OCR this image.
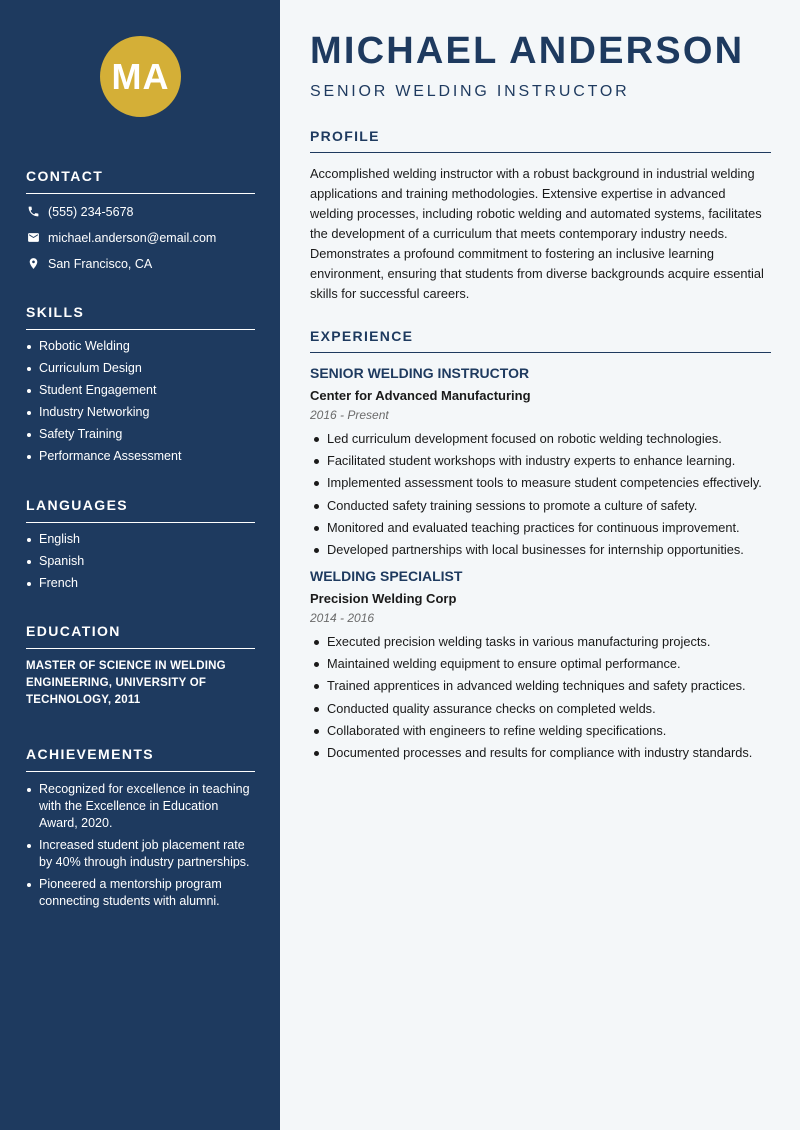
MA
CONTACT
(555) 234-5678
michael.anderson@email.com
San Francisco, CA
SKILLS
Robotic Welding
Curriculum Design
Student Engagement
Industry Networking
Safety Training
Performance Assessment
LANGUAGES
English
Spanish
French
EDUCATION
MASTER OF SCIENCE IN WELDING ENGINEERING, UNIVERSITY OF TECHNOLOGY, 2011
ACHIEVEMENTS
Recognized for excellence in teaching with the Excellence in Education Award, 2020.
Increased student job placement rate by 40% through industry partnerships.
Pioneered a mentorship program connecting students with alumni.
MICHAEL ANDERSON
SENIOR WELDING INSTRUCTOR
PROFILE
Accomplished welding instructor with a robust background in industrial welding applications and training methodologies. Extensive expertise in advanced welding processes, including robotic welding and automated systems, facilitates the development of a curriculum that meets contemporary industry needs. Demonstrates a profound commitment to fostering an inclusive learning environment, ensuring that students from diverse backgrounds acquire essential skills for successful careers.
EXPERIENCE
SENIOR WELDING INSTRUCTOR
Center for Advanced Manufacturing
2016 - Present
Led curriculum development focused on robotic welding technologies.
Facilitated student workshops with industry experts to enhance learning.
Implemented assessment tools to measure student competencies effectively.
Conducted safety training sessions to promote a culture of safety.
Monitored and evaluated teaching practices for continuous improvement.
Developed partnerships with local businesses for internship opportunities.
WELDING SPECIALIST
Precision Welding Corp
2014 - 2016
Executed precision welding tasks in various manufacturing projects.
Maintained welding equipment to ensure optimal performance.
Trained apprentices in advanced welding techniques and safety practices.
Conducted quality assurance checks on completed welds.
Collaborated with engineers to refine welding specifications.
Documented processes and results for compliance with industry standards.
